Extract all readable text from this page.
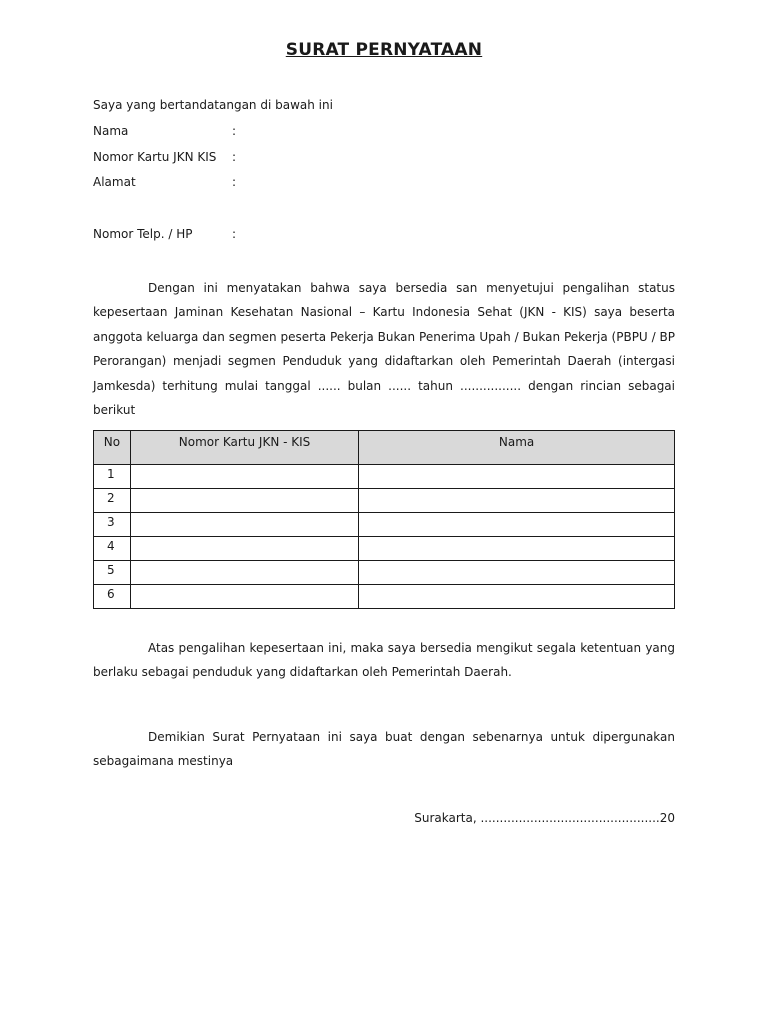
SURAT PERNYATAAN
Saya yang bertandatangan di bawah ini
Nama	:
Nomor Kartu JKN KIS :
Alamat	:
Nomor Telp. / HP	:
Dengan ini menyatakan bahwa saya bersedia san menyetujui pengalihan status kepesertaan Jaminan Kesehatan Nasional – Kartu Indonesia Sehat (JKN - KIS) saya beserta anggota keluarga dan segmen peserta Pekerja Bukan Penerima Upah / Bukan Pekerja (PBPU / BP Perorangan) menjadi segmen Penduduk yang didaftarkan oleh Pemerintah Daerah (intergasi Jamkesda) terhitung mulai tanggal ...... bulan ...... tahun ................ dengan rincian sebagai berikut
No	Nomor Kartu JKN - KIS	Nama
1		
2		
3		
4		
5		
6		
Atas pengalihan kepesertaan ini, maka saya bersedia mengikut segala ketentuan yang berlaku sebagai penduduk yang didaftarkan oleh Pemerintah Daerah.
Demikian Surat Pernyataan ini saya buat dengan sebenarnya untuk dipergunakan sebagaimana mestinya
Surakarta, ...............................................20
